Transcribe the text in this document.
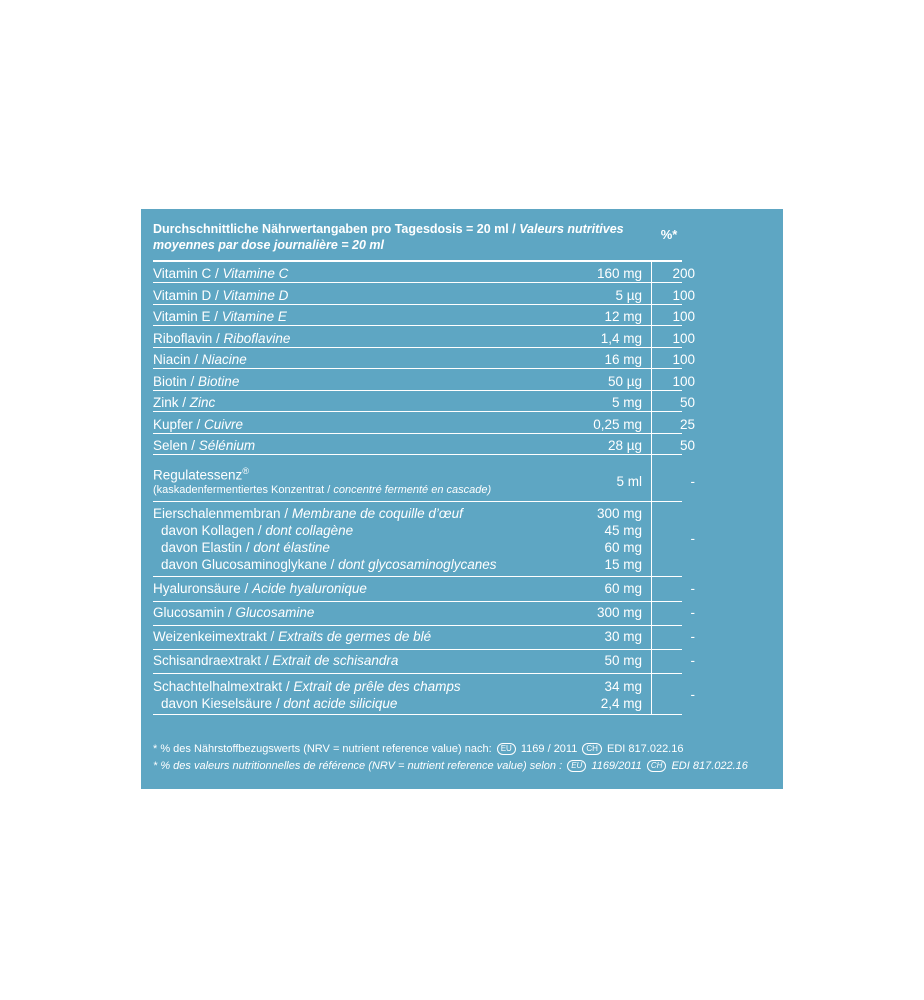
Durchschnittliche Nährwertangaben pro Tagesdosis = 20 ml / Valeurs nutritives moyennes par dose journalière = 20 ml
%*
Vitamin C / Vitamine C	160 mg	200
Vitamin D / Vitamine D	5 µg	100
Vitamin E / Vitamine E	12 mg	100
Riboflavin / Riboflavine	1,4 mg	100
Niacin / Niacine	16 mg	100
Biotin / Biotine	50 µg	100
Zink / Zinc	5 mg	50
Kupfer / Cuivre	0,25 mg	25
Selen / Sélénium	28 µg	50
Regulatessenz®
(kaskadenfermentiertes Konzentrat / concentré fermenté en cascade)
5 ml	-
Eierschalenmembran / Membrane de coquille d’œuf	300 mg
davon Kollagen / dont collagène	45 mg
davon Elastin / dont élastine	60 mg
davon Glucosaminoglykane / dont glycosaminoglycanes	15 mg
-
Hyaluronsäure / Acide hyaluronique	60 mg	-
Glucosamin / Glucosamine	300 mg	-
Weizenkeimextrakt / Extraits de germes de blé	30 mg	-
Schisandraextrakt / Extrait de schisandra	50 mg	-
Schachtelhalmextrakt / Extrait de prêle des champs	34 mg
davon Kieselsäure / dont acide silicique	2,4 mg
-
* % des Nährstoffbezugswerts (NRV = nutrient reference value) nach: EU 1169 / 2011 CH EDI 817.022.16
* % des valeurs nutritionnelles de référence (NRV = nutrient reference value) selon : EU 1169/2011 CH EDI 817.022.16
